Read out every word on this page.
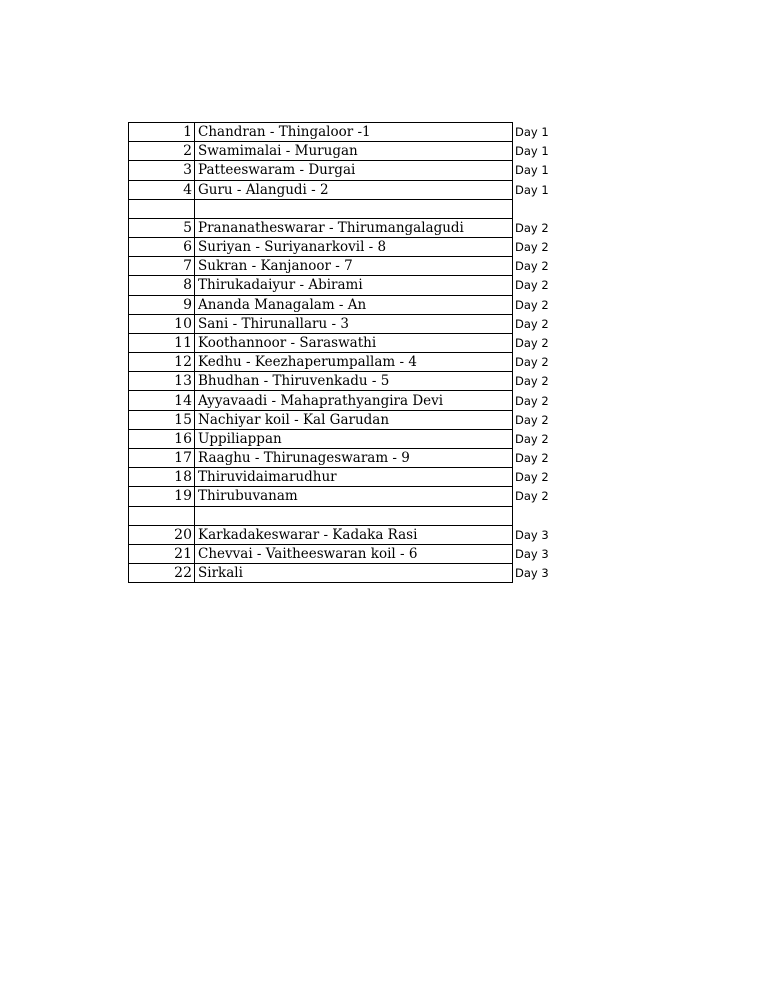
1	Chandran - Thingaloor -1	Day 1
2	Swamimalai - Murugan	Day 1
3	Patteeswaram - Durgai	Day 1
4	Guru - Alangudi - 2	Day 1

5	Prananatheswarar - Thirumangalagudi	Day 2
6	Suriyan - Suriyanarkovil - 8	Day 2
7	Sukran - Kanjanoor - 7	Day 2
8	Thirukadaiyur - Abirami	Day 2
9	Ananda Managalam - An	Day 2
10	Sani - Thirunallaru - 3	Day 2
11	Koothannoor - Saraswathi	Day 2
12	Kedhu - Keezhaperumpallam - 4	Day 2
13	Bhudhan - Thiruvenkadu - 5	Day 2
14	Ayyavaadi - Mahaprathyangira Devi	Day 2
15	Nachiyar koil - Kal Garudan	Day 2
16	Uppiliappan	Day 2
17	Raaghu - Thirunageswaram - 9	Day 2
18	Thiruvidaimarudhur	Day 2
19	Thirubuvanam	Day 2

20	Karkadakeswarar - Kadaka Rasi	Day 3
21	Chevvai - Vaitheeswaran koil - 6	Day 3
22	Sirkali	Day 3
